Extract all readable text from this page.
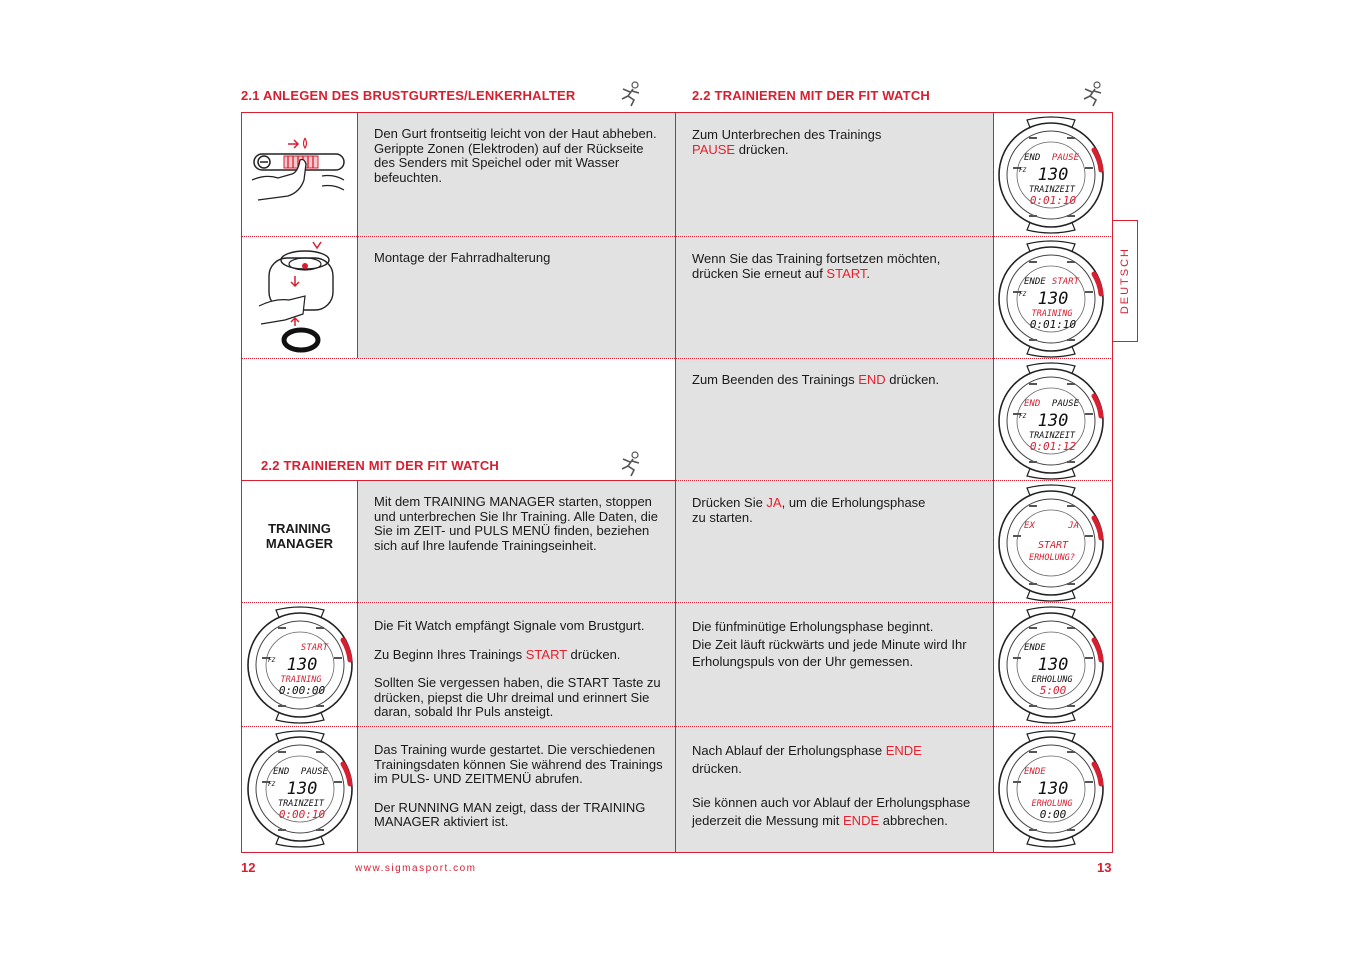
2.1 ANLEGEN DES BRUSTGURTES/LENKERHALTER
Den Gurt frontseitig leicht von der Haut abheben. Gerippte Zonen (Elektroden) auf der Rückseite des Senders mit Speichel oder mit Wasser befeuchten.
Montage der Fahrradhalterung
2.2 TRAINIEREN MIT DER FIT WATCH
TRAINING
MANAGER
Mit dem TRAINING MANAGER starten, stoppen und unterbrechen Sie Ihr Training. Alle Daten, die Sie im ZEIT- und PULS MENÜ finden, beziehen sich auf Ihre laufende Trainingseinheit.
Die Fit Watch empfängt Signale vom Brustgurt.
Zu Beginn Ihres Trainings START drücken.
Sollten Sie vergessen haben, die START Taste zu drücken, piepst die Uhr dreimal und erinnert Sie daran, sobald Ihr Puls ansteigt.
Das Training wurde gestartet. Die verschiedenen Trainingsdaten können Sie während des Trainings im PULS- UND ZEITMENÜ abrufen.
Der RUNNING MAN zeigt, dass der TRAINING MANAGER aktiviert ist.
START
FZ 130
TRAINING
0:00:00
END PAUSE
FZ 130
TRAINZEIT
0:00:10
12	www.sigmasport.com
2.2 TRAINIEREN MIT DER FIT WATCH
Zum Unterbrechen des Trainings
PAUSE drücken.
Wenn Sie das Training fortsetzen möchten, drücken Sie erneut auf START.
Zum Beenden des Trainings END drücken.
Drücken Sie JA, um die Erholungsphase
zu starten.
Die fünfminütige Erholungsphase beginnt.
Die Zeit läuft rückwärts und jede Minute wird Ihr Erholungspuls von der Uhr gemessen.
Nach Ablauf der Erholungsphase ENDE
drücken.
Sie können auch vor Ablauf der Erholungsphase jederzeit die Messung mit ENDE abbrechen.
END PAUSE
FZ 130
TRAINZEIT
0:01:10
ENDE START
FZ 130
TRAINING
0:01:10
END PAUSE
FZ 130
TRAINZEIT
0:01:12
EX	JA
START
ERHOLUNG?
ENDE
130
ERHOLUNG
5:00
ENDE
130
ERHOLUNG
0:00
DEUTSCH
13
